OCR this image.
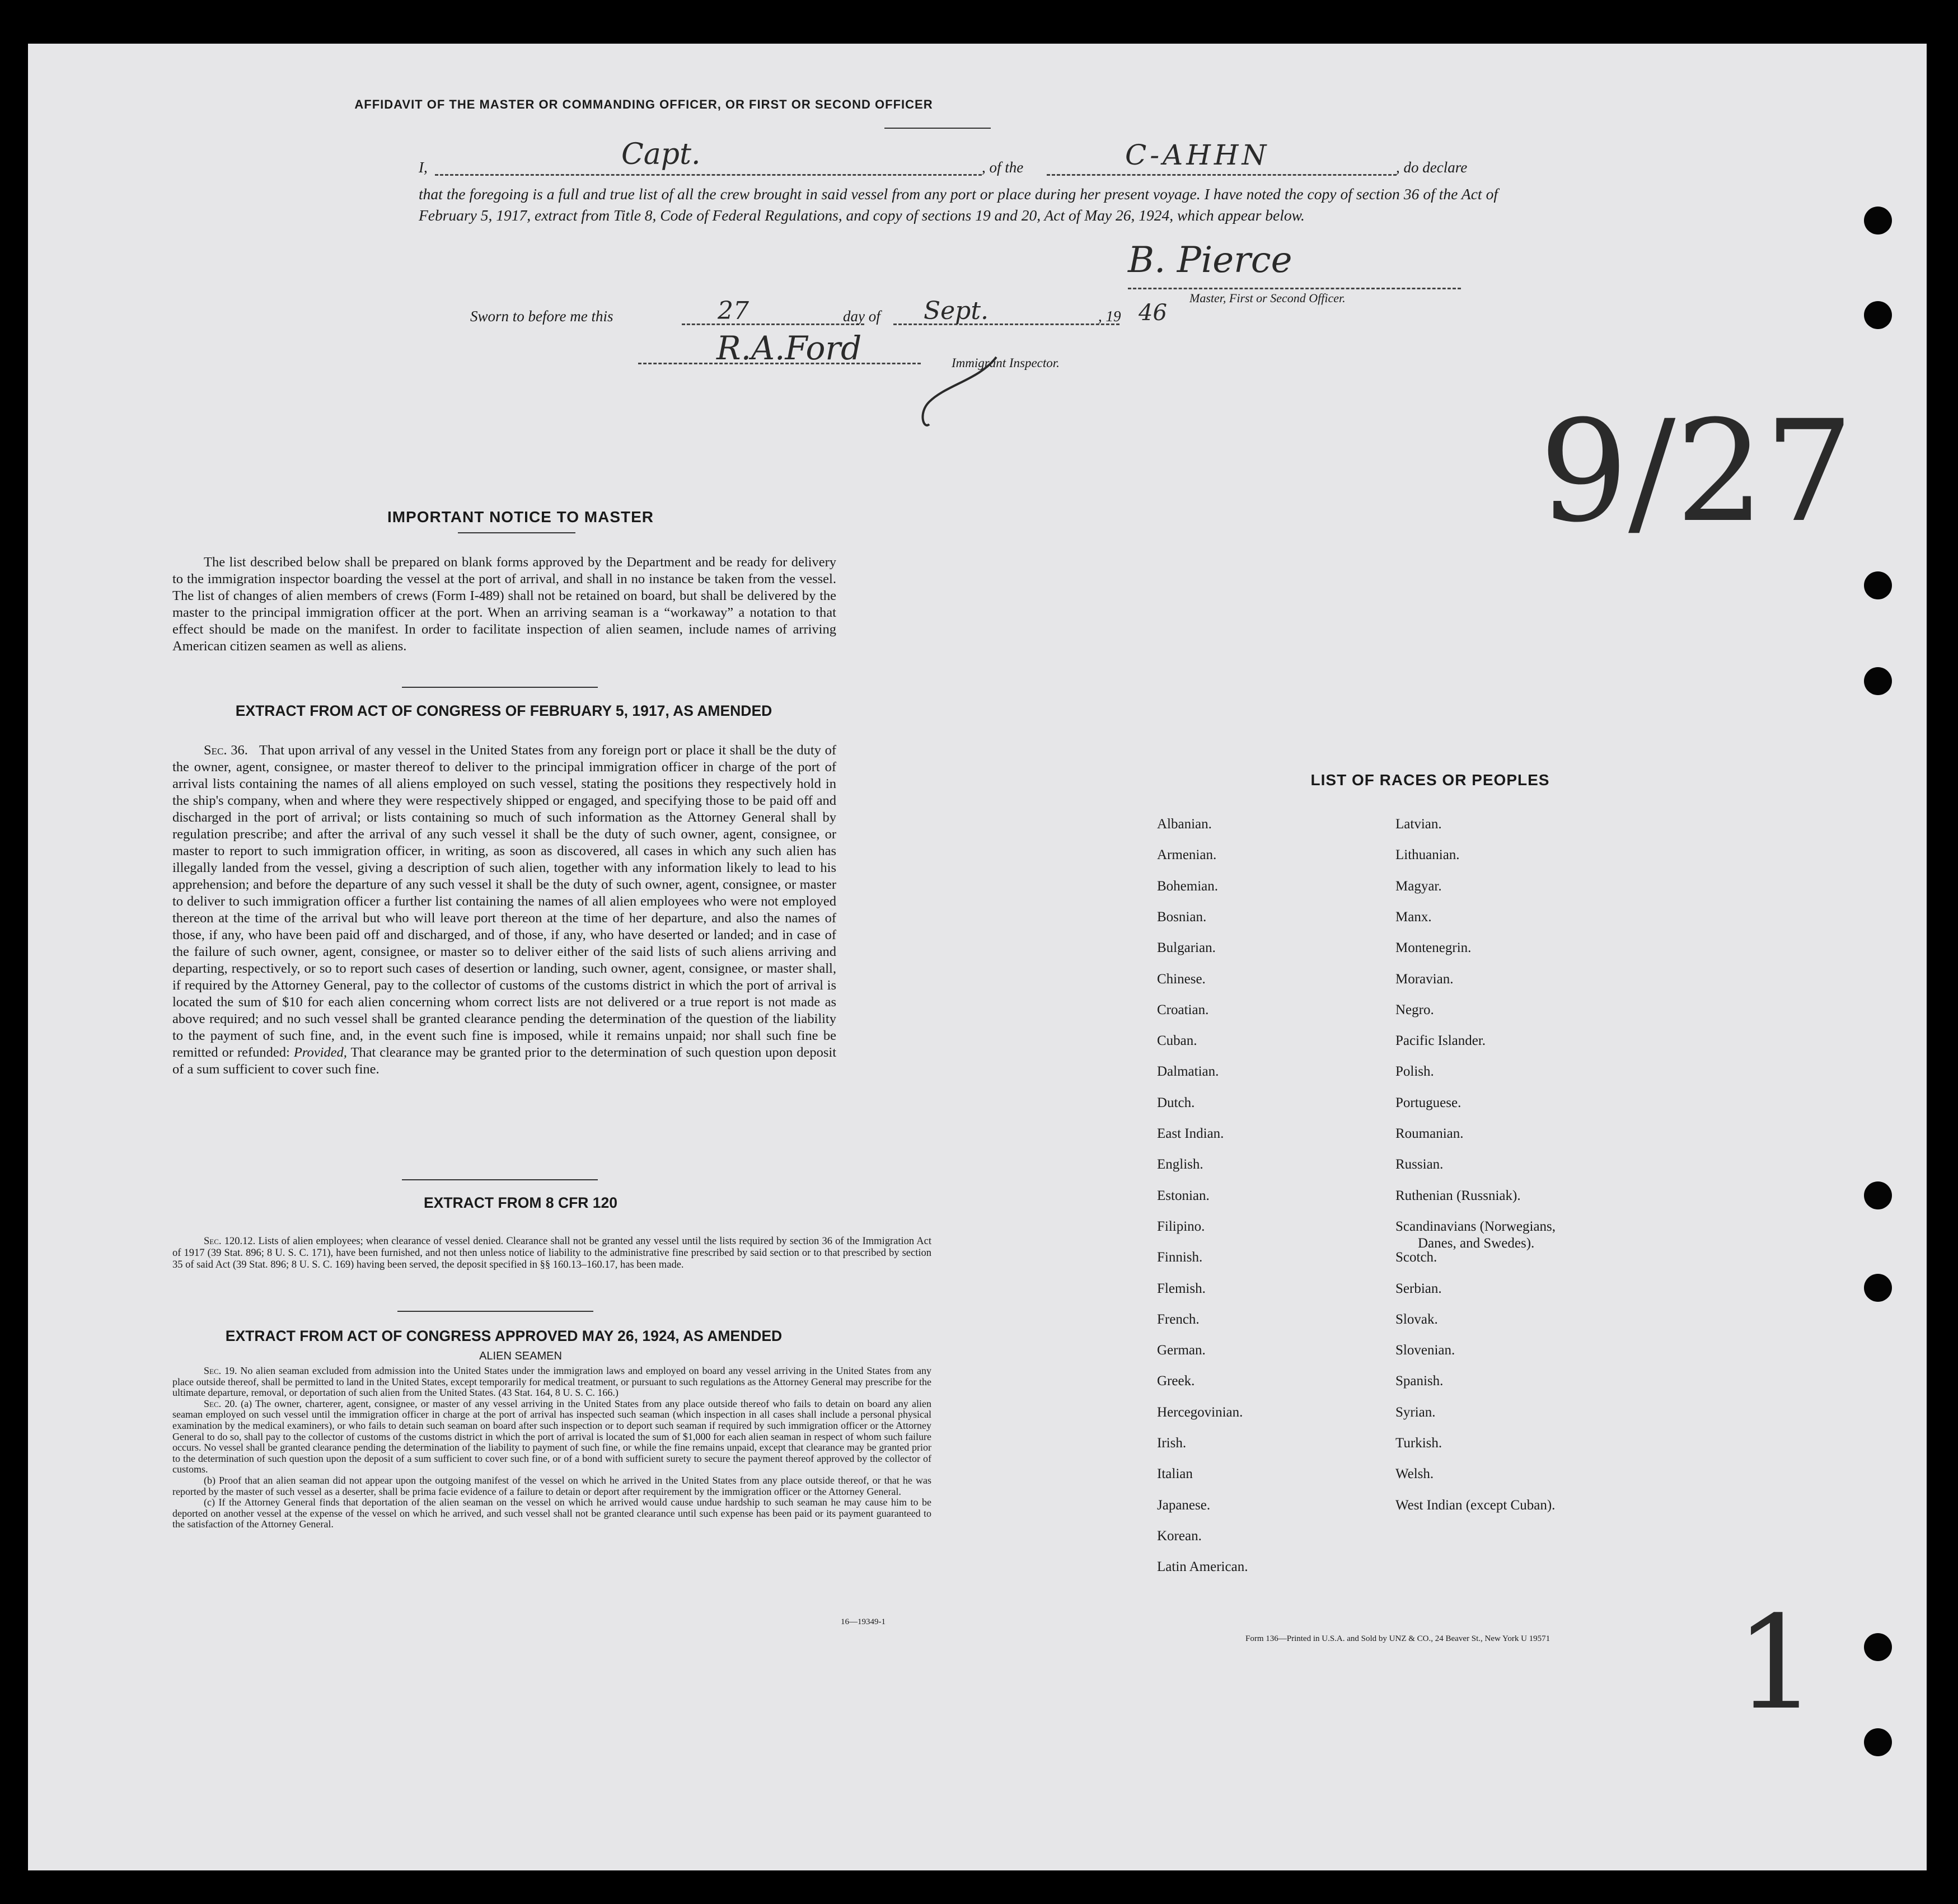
AFFIDAVIT OF THE MASTER OR COMMANDING OFFICER, OR FIRST OR SECOND OFFICER
I,	Capt.	, of the	C-AHHN	, do declare
that the foregoing is a full and true list of all the crew brought in said vessel from any port or place during her present voyage. I have noted the copy of section 36 of the Act of February 5, 1917, extract from Title 8, Code of Federal Regulations, and copy of sections 19 and 20, Act of May 26, 1924, which appear below.
B. Pierce
Master, First or Second Officer.
Sworn to before me this	27	day of Sept.	, 19 46
R.A.Ford	Immigrant Inspector.
9/27
IMPORTANT NOTICE TO MASTER
The list described below shall be prepared on blank forms approved by the Department and be ready for delivery to the immigration inspector boarding the vessel at the port of arrival, and shall in no instance be taken from the vessel. The list of changes of alien members of crews (Form I-489) shall not be retained on board, but shall be delivered by the master to the principal immigration officer at the port. When an arriving seaman is a “workaway” a notation to that effect should be made on the manifest. In order to facilitate inspection of alien seamen, include names of arriving American citizen seamen as well as aliens.
EXTRACT FROM ACT OF CONGRESS OF FEBRUARY 5, 1917, AS AMENDED
Sec. 36. That upon arrival of any vessel in the United States from any foreign port or place it shall be the duty of the owner, agent, consignee, or master thereof to deliver to the principal immigration officer in charge of the port of arrival lists containing the names of all aliens employed on such vessel, stating the positions they respectively hold in the ship's company, when and where they were respectively shipped or engaged, and specifying those to be paid off and discharged in the port of arrival; or lists containing so much of such information as the Attorney General shall by regulation prescribe; and after the arrival of any such vessel it shall be the duty of such owner, agent, consignee, or master to report to such immigration officer, in writing, as soon as discovered, all cases in which any such alien has illegally landed from the vessel, giving a description of such alien, together with any information likely to lead to his apprehension; and before the departure of any such vessel it shall be the duty of such owner, agent, consignee, or master to deliver to such immigration officer a further list containing the names of all alien employees who were not employed thereon at the time of the arrival but who will leave port thereon at the time of her departure, and also the names of those, if any, who have been paid off and discharged, and of those, if any, who have deserted or landed; and in case of the failure of such owner, agent, consignee, or master so to deliver either of the said lists of such aliens arriving and departing, respectively, or so to report such cases of desertion or landing, such owner, agent, consignee, or master shall, if required by the Attorney General, pay to the collector of customs of the customs district in which the port of arrival is located the sum of $10 for each alien concerning whom correct lists are not delivered or a true report is not made as above required; and no such vessel shall be granted clearance pending the determination of the question of the liability to the payment of such fine, and, in the event such fine is imposed, while it remains unpaid; nor shall such fine be remitted or refunded: Provided, That clearance may be granted prior to the determination of such question upon deposit of a sum sufficient to cover such fine.
EXTRACT FROM 8 CFR 120
Sec. 120.12. Lists of alien employees; when clearance of vessel denied. Clearance shall not be granted any vessel until the lists required by section 36 of the Immigration Act of 1917 (39 Stat. 896; 8 U. S. C. 171), have been furnished, and not then unless notice of liability to the administrative fine prescribed by said section or to that prescribed by section 35 of said Act (39 Stat. 896; 8 U. S. C. 169) having been served, the deposit specified in §§ 160.13–160.17, has been made.
EXTRACT FROM ACT OF CONGRESS APPROVED MAY 26, 1924, AS AMENDED
ALIEN SEAMEN
Sec. 19. No alien seaman excluded from admission into the United States under the immigration laws and employed on board any vessel arriving in the United States from any place outside thereof, shall be permitted to land in the United States, except temporarily for medical treatment, or pursuant to such regulations as the Attorney General may prescribe for the ultimate departure, removal, or deportation of such alien from the United States. (43 Stat. 164, 8 U. S. C. 166.)
Sec. 20. (a) The owner, charterer, agent, consignee, or master of any vessel arriving in the United States from any place outside thereof who fails to detain on board any alien seaman employed on such vessel until the immigration officer in charge at the port of arrival has inspected such seaman (which inspection in all cases shall include a personal physical examination by the medical examiners), or who fails to detain such seaman on board after such inspection or to deport such seaman if required by such immigration officer or the Attorney General to do so, shall pay to the collector of customs of the customs district in which the port of arrival is located the sum of $1,000 for each alien seaman in respect of whom such failure occurs. No vessel shall be granted clearance pending the determination of the liability to payment of such fine, or while the fine remains unpaid, except that clearance may be granted prior to the determination of such question upon the deposit of a sum sufficient to cover such fine, or of a bond with sufficient surety to secure the payment thereof approved by the collector of customs.
(b) Proof that an alien seaman did not appear upon the outgoing manifest of the vessel on which he arrived in the United States from any place outside thereof, or that he was reported by the master of such vessel as a deserter, shall be prima facie evidence of a failure to detain or deport after requirement by the immigration officer or the Attorney General.
(c) If the Attorney General finds that deportation of the alien seaman on the vessel on which he arrived would cause undue hardship to such seaman he may cause him to be deported on another vessel at the expense of the vessel on which he arrived, and such vessel shall not be granted clearance until such expense has been paid or its payment guaranteed to the satisfaction of the Attorney General.
16—19349-1
LIST OF RACES OR PEOPLES
Albanian.
Armenian.
Bohemian.
Bosnian.
Bulgarian.
Chinese.
Croatian.
Cuban.
Dalmatian.
Dutch.
East Indian.
English.
Estonian.
Filipino.
Finnish.
Flemish.
French.
German.
Greek.
Hercegovinian.
Irish.
Italian
Japanese.
Korean.
Latin American.
Latvian.
Lithuanian.
Magyar.
Manx.
Montenegrin.
Moravian.
Negro.
Pacific Islander.
Polish.
Portuguese.
Roumanian.
Russian.
Ruthenian (Russniak).
Scandinavians (Norwegians,
Danes, and Swedes).
Scotch.
Serbian.
Slovak.
Slovenian.
Spanish.
Syrian.
Turkish.
Welsh.
West Indian (except Cuban).
Form 136—Printed in U.S.A. and Sold by UNZ & CO., 24 Beaver St., New York U 19571 1
